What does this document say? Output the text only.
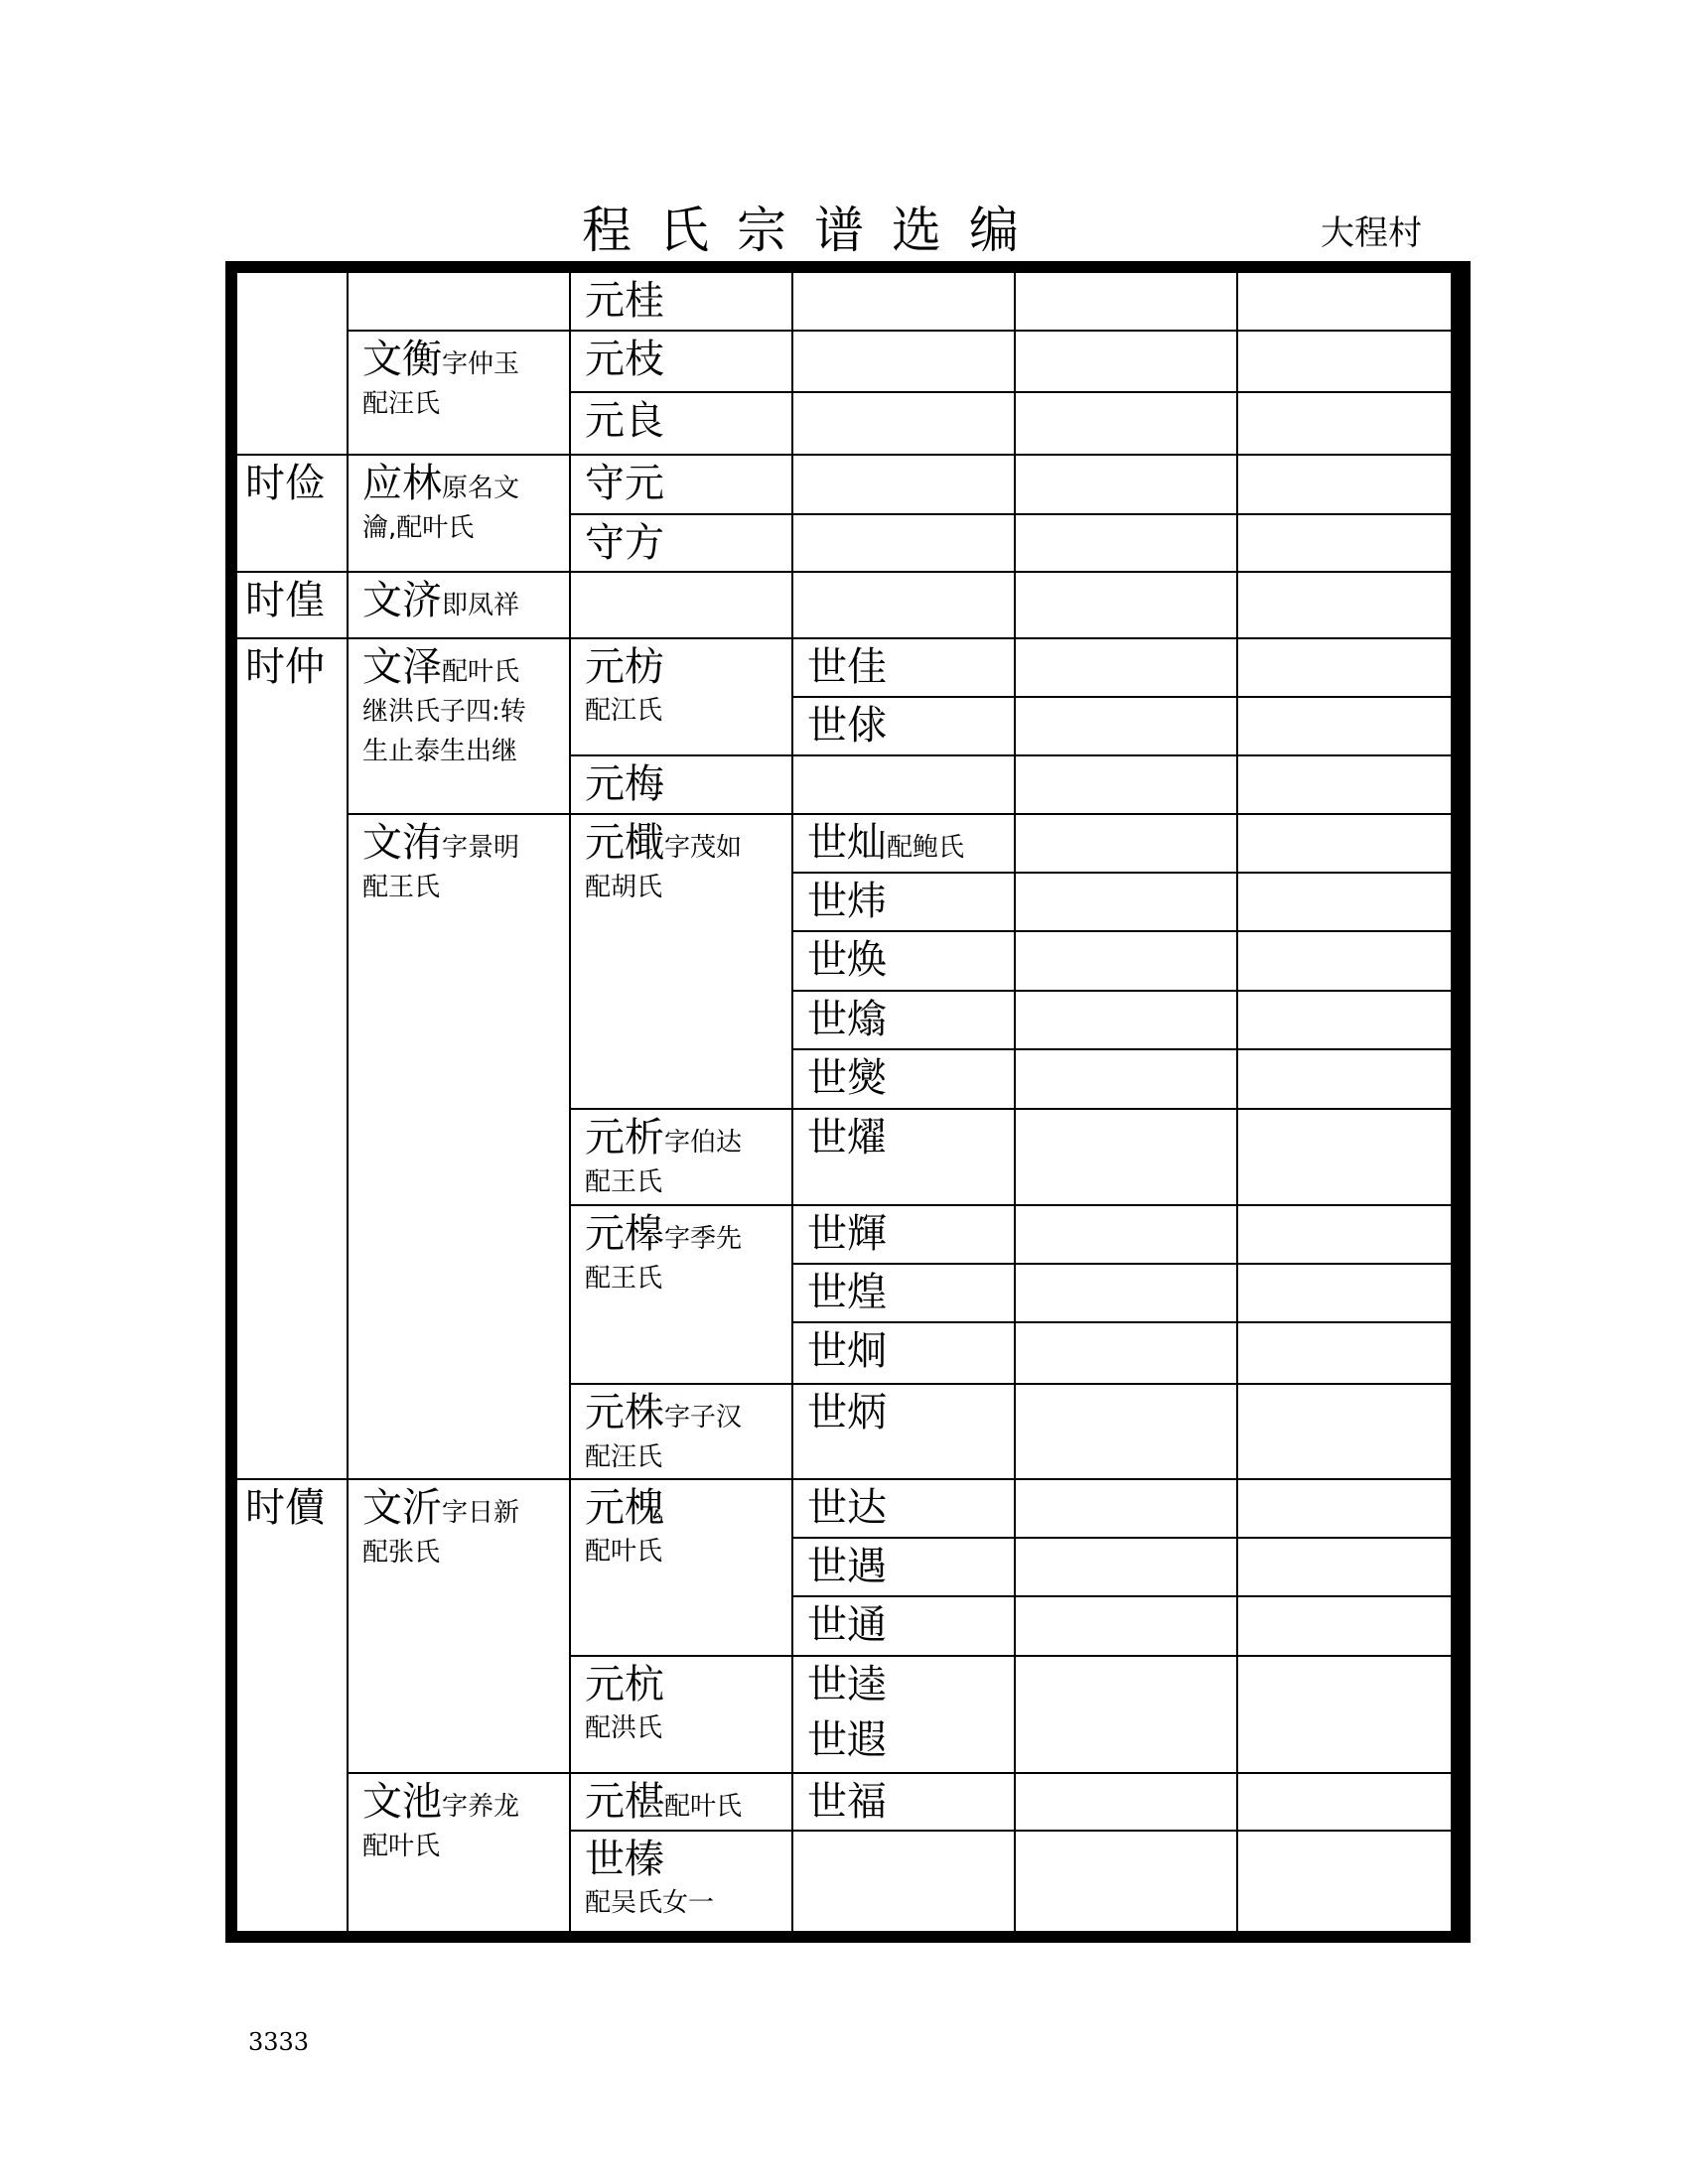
程氏宗谱选编	大程村
时俭
时偟
时仲
时儥
文衡字仲玉
配汪氏
应林原名文
瀹,配叶氏
文济即凤祥
文泽配叶氏
继洪氏子四:转
生止泰生出继
文洧字景明
配王氏
文沂字日新
配张氏
文池字养龙
配叶氏
元桂
元枝
元良
守元
守方
元枋
配江氏
元梅
元檝字茂如
配胡氏
元析字伯达
配王氏
元槔字季先
配王氏
元株字子汉
配汪氏
元槐
配叶氏
元杭
配洪氏
元椹配叶氏
世榛
配吴氏女一
世佳
世俅
世灿配鲍氏
世炜
世焕
世熻
世爕
世燿
世輝
世煌
世炯
世炳
世达
世遇
世通
世逵
世遐
世福
3333
